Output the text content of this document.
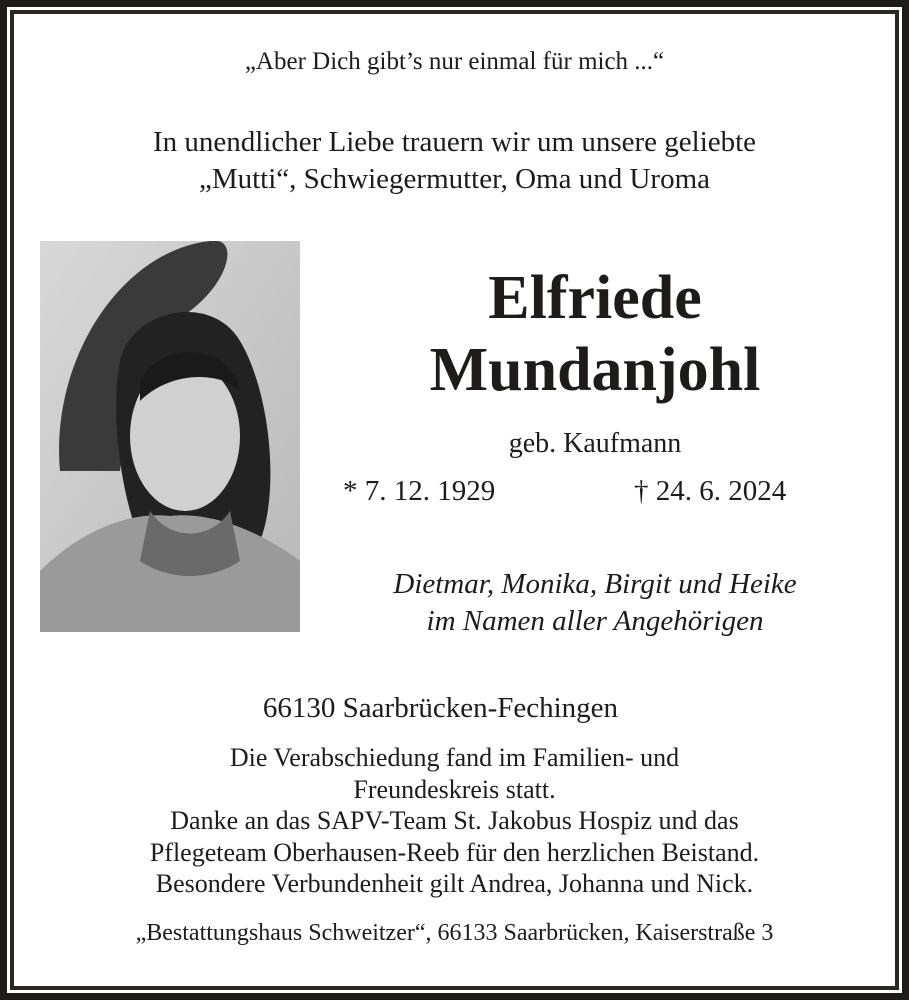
„Aber Dich gibt’s nur einmal für mich ...“
In unendlicher Liebe trauern wir um unsere geliebte
„Mutti“, Schwiegermutter, Oma und Uroma
Elfriede
Mundanjohl
geb. Kaufmann
* 7. 12. 1929	† 24. 6. 2024
Dietmar, Monika, Birgit und Heike
im Namen aller Angehörigen
66130 Saarbrücken-Fechingen
Die Verabschiedung fand im Familien- und
Freundeskreis statt.
Danke an das SAPV-Team St. Jakobus Hospiz und das
Pflegeteam Oberhausen-Reeb für den herzlichen Beistand.
Besondere Verbundenheit gilt Andrea, Johanna und Nick.
„Bestattungshaus Schweitzer“, 66133 Saarbrücken, Kaiserstraße 3
